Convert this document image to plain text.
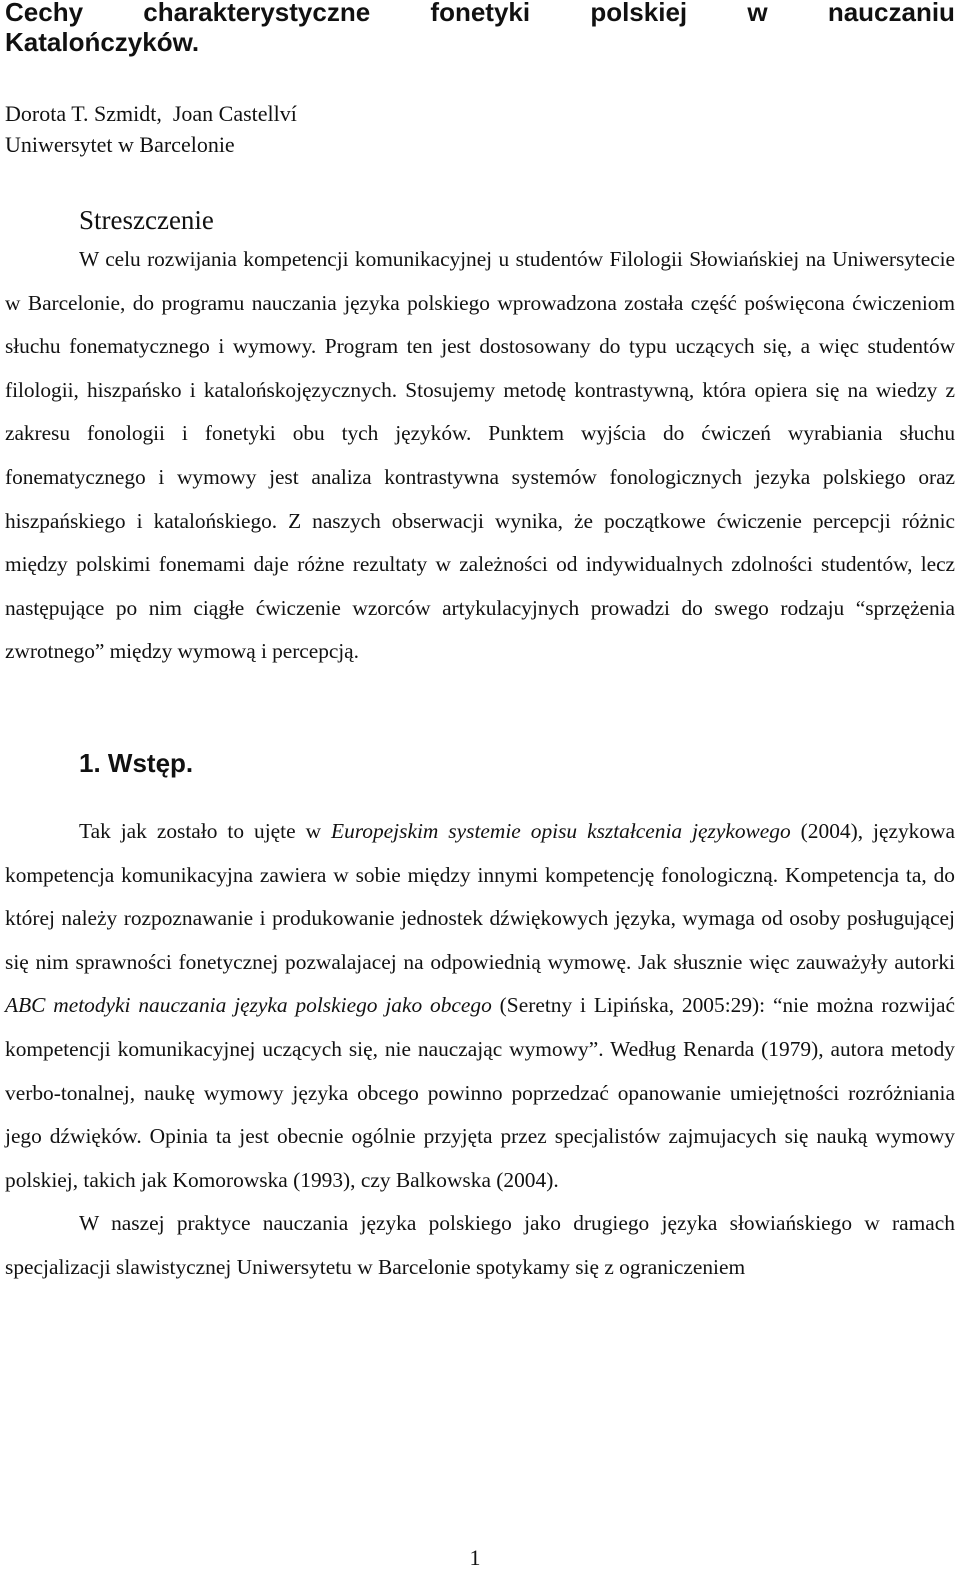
Cechy charakterystyczne fonetyki polskiej w nauczaniu
Katalończyków.
Dorota T. Szmidt,  Joan Castellví
Uniwersytet w Barcelonie
Streszczenie

W celu rozwijania kompetencji komunikacyjnej u studentów Filologii Słowiańskiej na Uniwersytecie w Barcelonie, do programu nauczania języka polskiego wprowadzona została część poświęcona ćwiczeniom słuchu fonematycznego i wymowy. Program ten jest dostosowany do typu uczących się, a więc studentów filologii, hiszpańsko i katalońskojęzycznych. Stosujemy metodę kontrastywną, która opiera się na wiedzy z zakresu fonologii i fonetyki obu tych języków. Punktem wyjścia do ćwiczeń wyrabiania słuchu fonematycznego i wymowy jest analiza kontrastywna systemów fonologicznych jezyka polskiego oraz hiszpańskiego i katalońskiego. Z naszych obserwacji wynika, że początkowe ćwiczenie percepcji różnic między polskimi fonemami daje różne rezultaty w zależności od indywidualnych zdolności studentów, lecz następujące po nim ciągłe ćwiczenie wzorców artykulacyjnych prowadzi do swego rodzaju “sprzężenia zwrotnego” między wymową i percepcją.

1. Wstęp.

Tak jak zostało to ujęte w Europejskim systemie opisu kształcenia językowego (2004), językowa kompetencja komunikacyjna zawiera w sobie między innymi kompetencję fonologiczną. Kompetencja ta, do której należy rozpoznawanie i produkowanie jednostek dźwiękowych języka, wymaga od osoby posługującej się nim sprawności fonetycznej pozwalajacej na odpowiednią wymowę. Jak słusznie więc zauważyły autorki ABC metodyki nauczania języka polskiego jako obcego (Seretny i Lipińska, 2005:29): “nie można rozwijać kompetencji komunikacyjnej uczących się, nie nauczając wymowy”. Według Renarda (1979), autora metody verbo-tonalnej, naukę wymowy języka obcego powinno poprzedzać opanowanie umiejętności rozróżniania jego dźwięków. Opinia ta jest obecnie ogólnie przyjęta przez specjalistów zajmujacych się nauką wymowy polskiej, takich jak Komorowska (1993), czy Balkowska (2004).

W naszej praktyce nauczania języka polskiego jako drugiego języka słowiańskiego w ramach specjalizacji slawistycznej Uniwersytetu w Barcelonie spotykamy się z ograniczeniem

1
